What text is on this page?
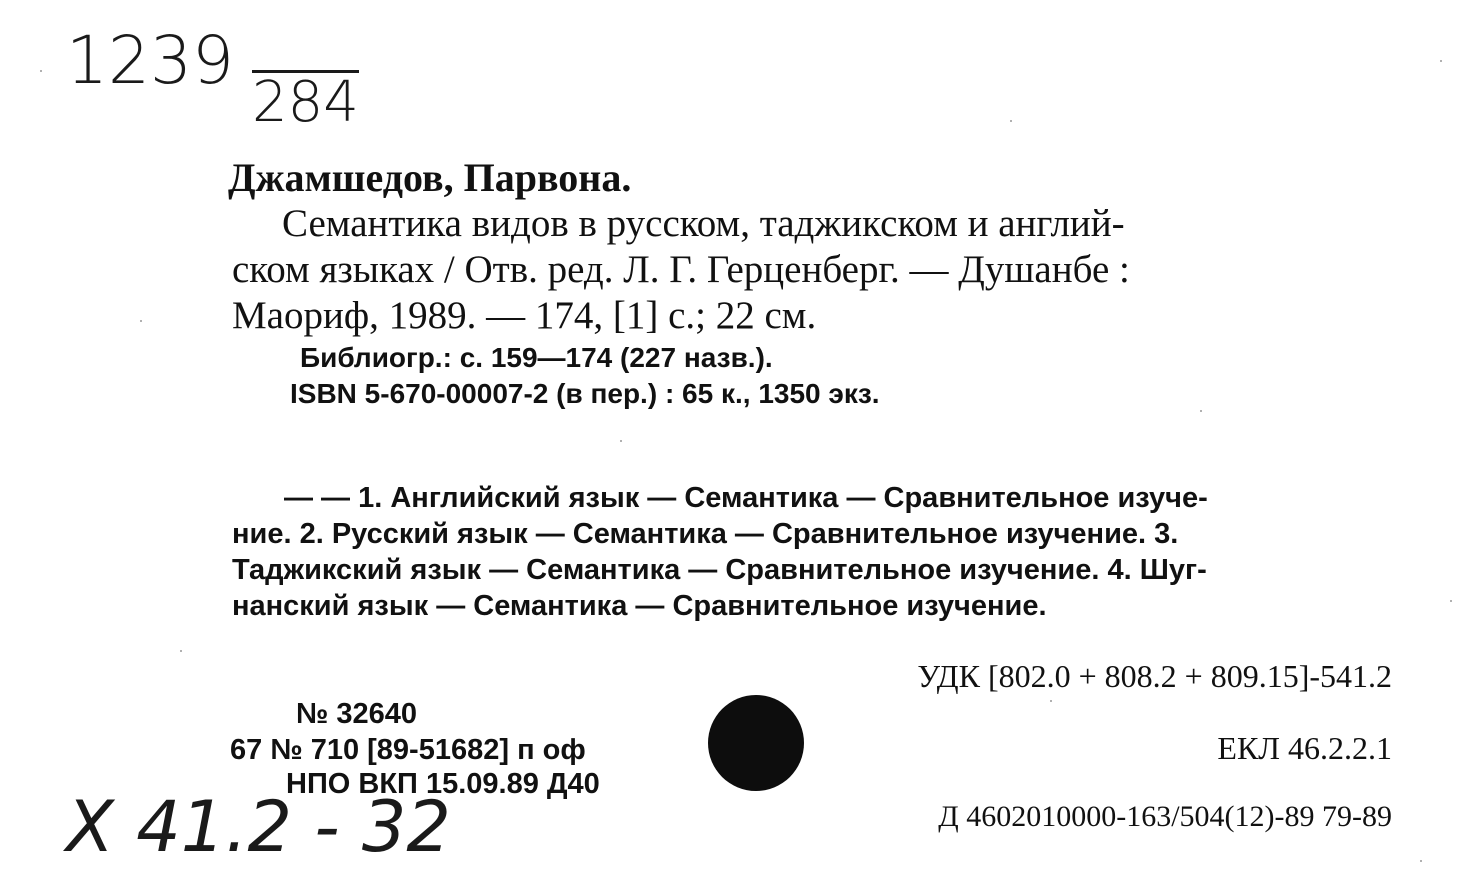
1239
284
Джамшедов, Парвона.
Семантика видов в русском, таджикском и англий-
ском языках / Отв. ред. Л. Г. Герценберг. — Душанбе :
Маориф, 1989. — 174, [1] с.; 22 см.
Библиогр.: с. 159—174 (227 назв.).
ISBN 5-670-00007-2 (в пер.) : 65 к., 1350 экз.
— — 1. Английский язык — Семантика — Сравнительное изуче-
ние. 2. Русский язык — Семантика — Сравнительное изучение. 3.
Таджикский язык — Семантика — Сравнительное изучение. 4. Шуг-
нанский язык — Семантика — Сравнительное изучение.
УДК [802.0 + 808.2 + 809.15]-541.2
ЕКЛ 46.2.2.1
Д 4602010000-163/504(12)-89 79-89
№ 32640
67 № 710 [89-51682] п оф
НПО ВКП 15.09.89 Д40
X 41.2 - 32
